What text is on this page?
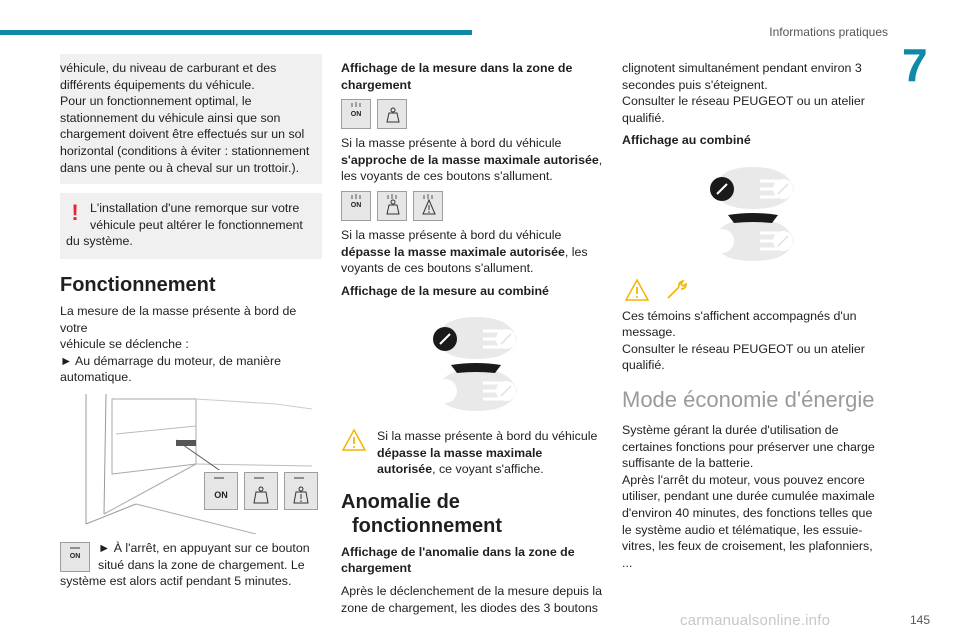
Informations pratiques
7

véhicule, du niveau de carburant et des

différents équipements du véhicule.

Pour un fonctionnement optimal, le

stationnement du véhicule ainsi que son

chargement doivent être effectués sur un sol

horizontal (conditions à éviter : stationnement

dans une pente ou à cheval sur un trottoir.).

! L'installation d'une remorque sur votre

véhicule peut altérer le fonctionnement

du système.

Fonctionnement

La mesure de la masse présente à bord de votre

véhicule se déclenche :

► Au démarrage du moteur, de manière

automatique.

ON
ON

► À l'arrêt, en appuyant sur ce bouton

situé dans la zone de chargement. Le

système est alors actif pendant 5 minutes.

Affichage de la mesure dans la zone de chargement
ON

Si la masse présente à bord du véhicule s'approche de la masse maximale autorisée, les voyants de ces boutons s'allument.

ON

Si la masse présente à bord du véhicule dépasse la masse maximale autorisée, les voyants de ces boutons s'allument.

Affichage de la mesure au combiné

Si la masse présente à bord du véhicule
dépasse la masse maximale autorisée, ce voyant s'affiche.

Anomalie de
fonctionnement
Affichage de l'anomalie dans la zone de chargement

Après le déclenchement de la mesure depuis la zone de chargement, les diodes des 3 boutons

clignotent simultanément pendant environ 3 secondes puis s'éteignent.

Consulter le réseau PEUGEOT ou un atelier qualifié.

Affichage au combiné

Ces témoins s'affichent accompagnés d'un message.

Consulter le réseau PEUGEOT ou un atelier qualifié.

Mode économie d'énergie

Système gérant la durée d'utilisation de certaines fonctions pour préserver une charge suffisante de la batterie.

Après l'arrêt du moteur, vous pouvez encore utiliser, pendant une durée cumulée maximale d'environ 40 minutes, des fonctions telles que le système audio et télématique, les essuie-vitres, les feux de croisement, les plafonniers, ...

carmanualsonline.info	145
